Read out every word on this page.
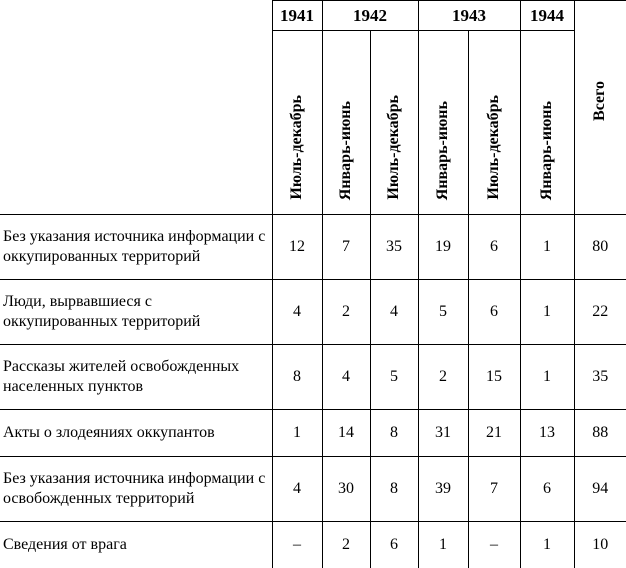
	1941	1942		1943		1944	Всего
	Июль-декабрь	Январь-июнь	Июль-декабрь	Январь-июнь	Июль-декабрь	Январь-июнь	
Без указания источника информации с оккупированных территорий	12	7	35	19	6	1	80
Люди, вырвавшиеся с оккупированных территорий	4	2	4	5	6	1	22
Рассказы жителей освобожденных населенных пунктов	8	4	5	2	15	1	35
Акты о злодеяниях оккупантов	1	14	8	31	21	13	88
Без указания источника информации с освобожденных территорий	4	30	8	39	7	6	94
Сведения от врага	–	2	6	1	–	1	10
